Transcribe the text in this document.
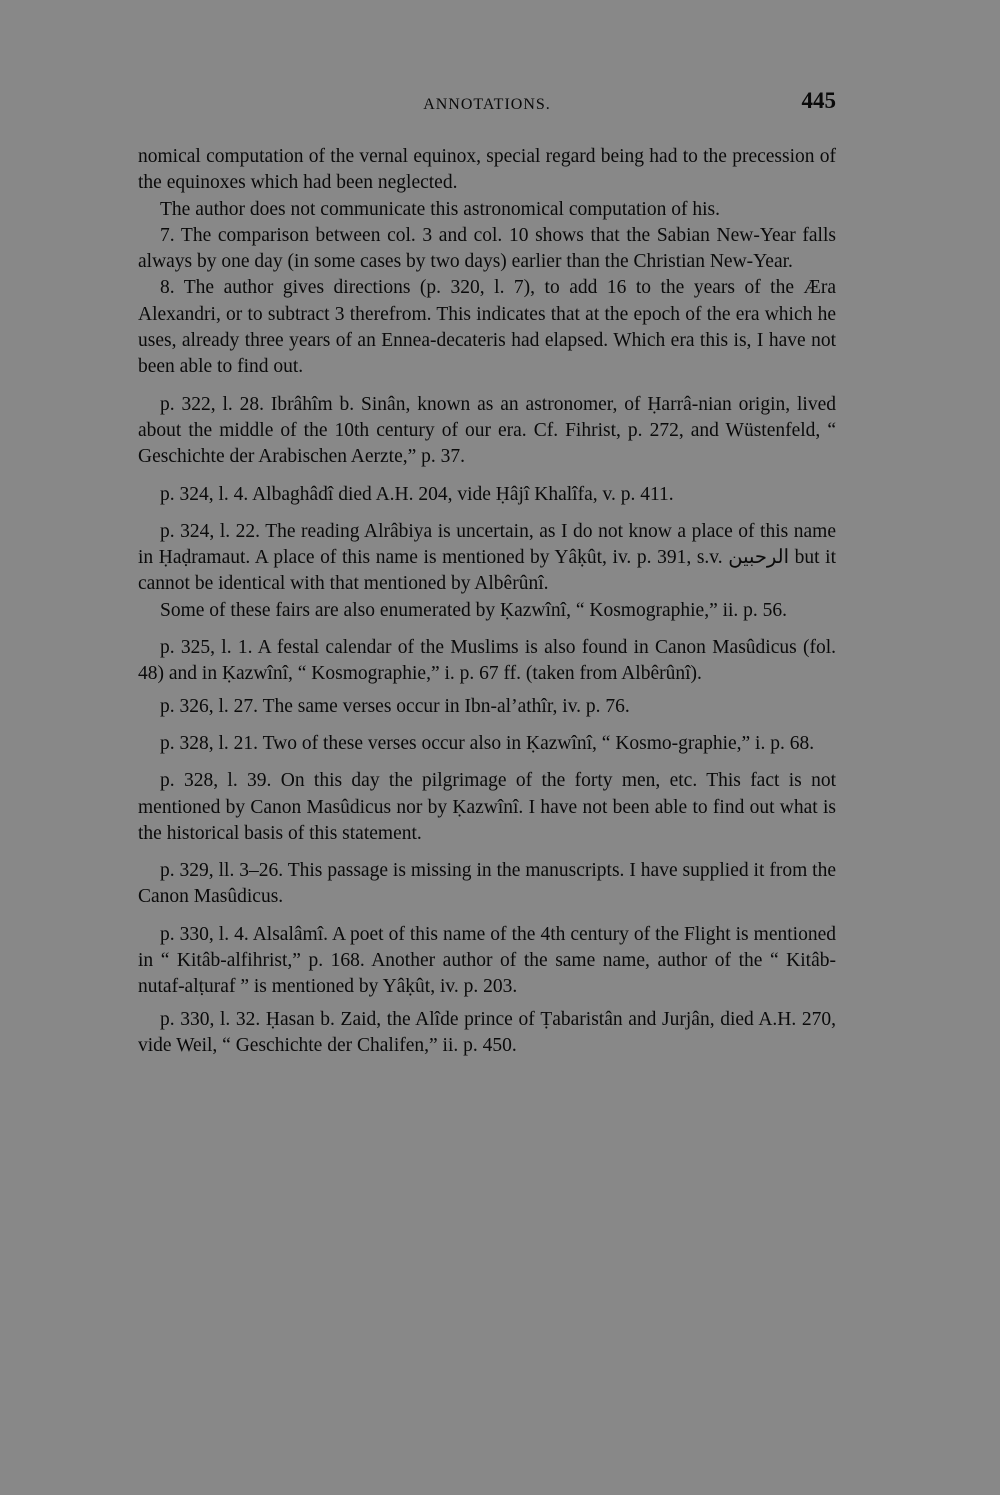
ANNOTATIONS.	445

nomical computation of the vernal equinox, special regard being had to the precession of the equinoxes which had been neglected.

The author does not communicate this astronomical computation of his.

7. The comparison between col. 3 and col. 10 shows that the Sabian New-Year falls always by one day (in some cases by two days) earlier than the Christian New-Year.

8. The author gives directions (p. 320, l. 7), to add 16 to the years of the Æra Alexandri, or to subtract 3 therefrom. This indicates that at the epoch of the era which he uses, already three years of an Ennea-decateris had elapsed. Which era this is, I have not been able to find out.

p. 322, l. 28. Ibrâhîm b. Sinân, known as an astronomer, of Ḥarrâ-nian origin, lived about the middle of the 10th century of our era. Cf. Fihrist, p. 272, and Wüstenfeld, “ Geschichte der Arabischen Aerzte,” p. 37.

p. 324, l. 4. Albaghâdî died A.H. 204, vide Ḥâjî Khalîfa, v. p. 411.

p. 324, l. 22. The reading Alrâbiya is uncertain, as I do not know a place of this name in Ḥaḍramaut. A place of this name is mentioned by Yâḳût, iv. p. 391, s.v. الرحبين but it cannot be identical with that mentioned by Albêrûnî.

Some of these fairs are also enumerated by Ḳazwînî, “ Kosmographie,” ii. p. 56.

p. 325, l. 1. A festal calendar of the Muslims is also found in Canon Masûdicus (fol. 48) and in Ḳazwînî, “ Kosmographie,” i. p. 67 ff. (taken from Albêrûnî).

p. 326, l. 27. The same verses occur in Ibn-al’athîr, iv. p. 76.

p. 328, l. 21. Two of these verses occur also in Ḳazwînî, “ Kosmo-graphie,” i. p. 68.

p. 328, l. 39. On this day the pilgrimage of the forty men, etc. This fact is not mentioned by Canon Masûdicus nor by Ḳazwînî. I have not been able to find out what is the historical basis of this statement.

p. 329, ll. 3–26. This passage is missing in the manuscripts. I have supplied it from the Canon Masûdicus.

p. 330, l. 4. Alsalâmî. A poet of this name of the 4th century of the Flight is mentioned in “ Kitâb-alfihrist,” p. 168. Another author of the same name, author of the “ Kitâb-nutaf-alṭuraf ” is mentioned by Yâḳût, iv. p. 203.

p. 330, l. 32. Ḥasan b. Zaid, the Alîde prince of Ṭabaristân and Jurjân, died A.H. 270, vide Weil, “ Geschichte der Chalifen,” ii. p. 450.
